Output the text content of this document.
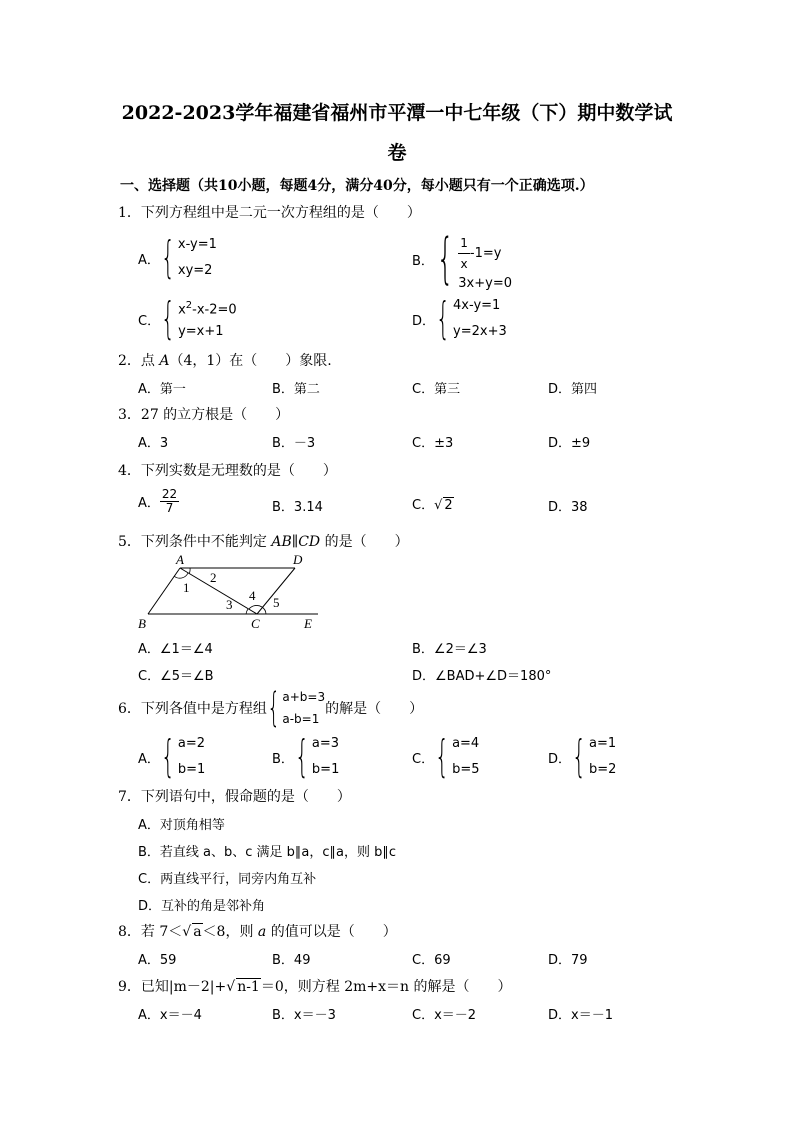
2022-2023学年福建省福州市平潭一中七年级（下）期中数学试
卷
一、选择题（共10小题，每题4分，满分40分，每小题只有一个正确选项.）
1．下列方程组中是二元一次方程组的是（　　）
A． { x-y=1
xy=2
B． { $\frac{1}{x} -1=y$
3x+y=0
C． { $x^2-x-2=0$
y=x+1
D． { 4x-y=1
y=2x+3
2．点 A（4，1）在（　　）象限.
A．第一	B．第二	C．第三	D．第四
3．27 的立方根是（　　）
A．3	B．－3	C．±3	D．±9
4．下列实数是无理数的是（　　）
A． $\frac{22}{7}$	B．3.14	C．√ 2	D．38
5．下列条件中不能判定 AB∥CD 的是（　　）
A	D
B	C	E
1
2
3
4 5
A．∠1＝∠4	B．∠2＝∠3
C．∠5＝∠B	D．∠BAD+∠D＝180°
6．下列各值中是方程组 { a+b=3
a-b=1
的解是（　　）
A． { a=2
b=1
B． { a=3
b=1
C． { a=4
b=5
D． { a=1
b=2
7．下列语句中，假命题的是（　　）
A．对顶角相等
B．若直线 a、b、c 满足 b∥a，c∥a，则 b∥c
C．两直线平行，同旁内角互补
D．互补的角是邻补角
8．若 7＜√ a＜8，则 a 的值可以是（　　）
A．59	B．49	C．69	D．79
9．已知|m－2|+√ n-1＝0，则方程 2m+x＝n 的解是（　　）
A．x＝－4	B．x＝－3	C．x＝－2	D．x＝－1
